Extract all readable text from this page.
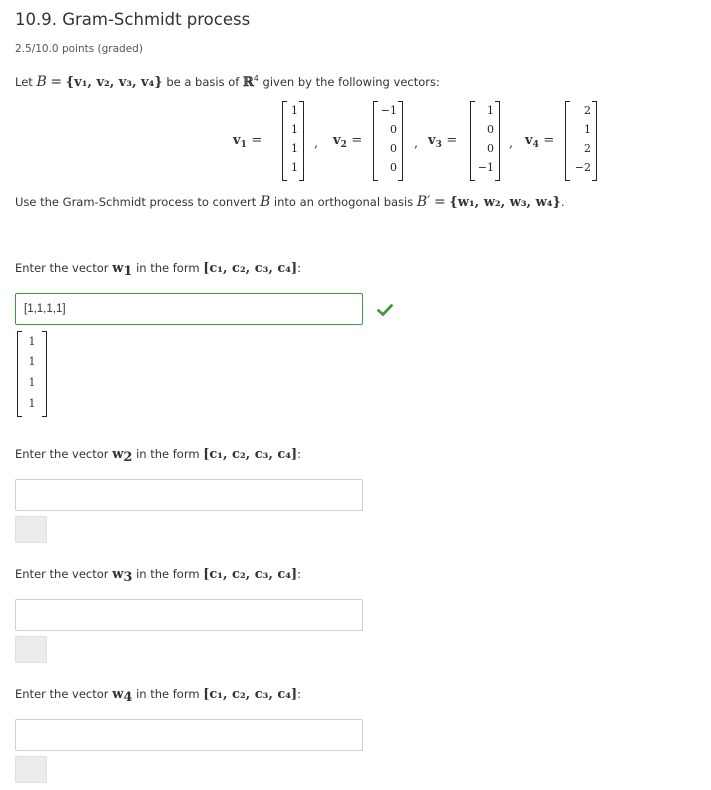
10.9. Gram-Schmidt process
2.5/10.0 points (graded)
Let B = {v₁, v₂, v₃, v₄} be a basis of ℝ$^4$ given by the following vectors:
$v_1$ =
1
1
1
1
, $v_2$ =
−1
0
0
0
, $v_3$ =
1
0
0
−1
, $v_4$ =
2
1
2
−2
Use the Gram-Schmidt process to convert B into an orthogonal basis B′ = {w₁, w₂, w₃, w₄}.
Enter the vector $w_1$ in the form [c₁, c₂, c₃, c₄]:
[1,1,1,1]
1
1
1
1
Enter the vector $w_2$ in the form [c₁, c₂, c₃, c₄]:
Enter the vector $w_3$ in the form [c₁, c₂, c₃, c₄]:
Enter the vector $w_4$ in the form [c₁, c₂, c₃, c₄]:
